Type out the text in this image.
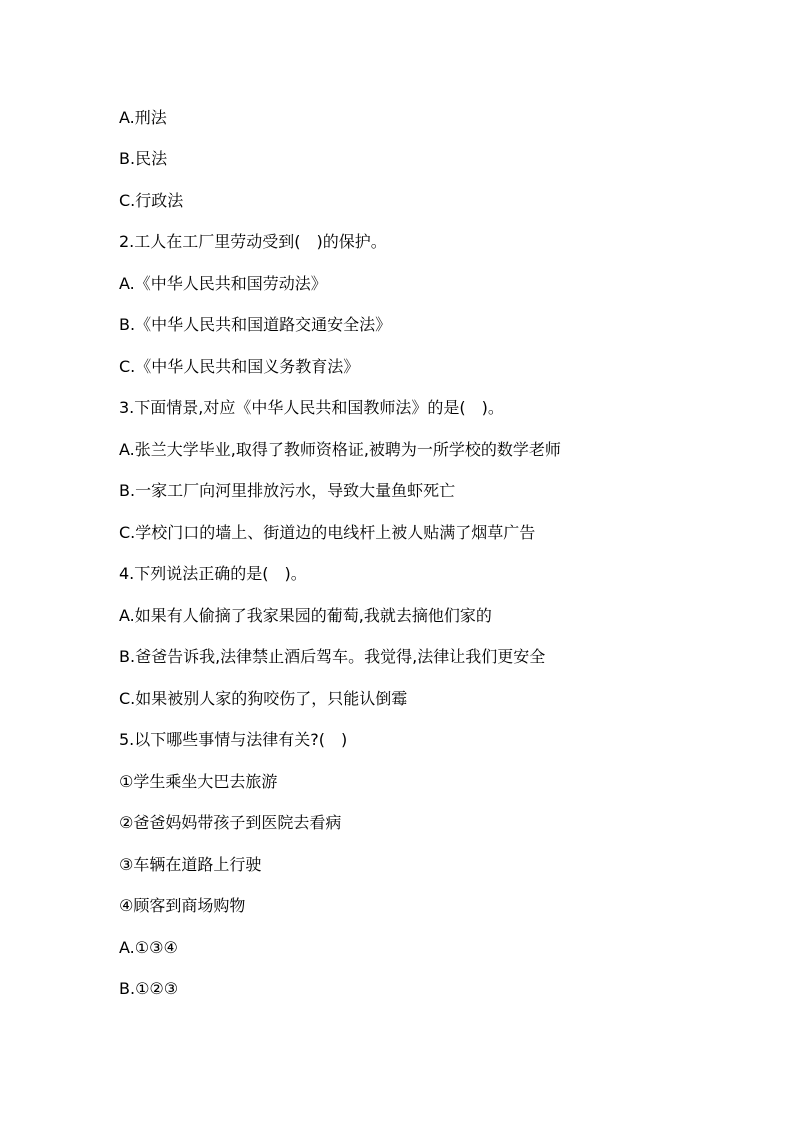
A.刑法
B.民法
C.行政法
2.工人在工厂里劳动受到(　)的保护。
A.《中华人民共和国劳动法》
B.《中华人民共和国道路交通安全法》
C.《中华人民共和国义务教育法》
3.下面情景,对应《中华人民共和国教师法》的是(　)。
A.张兰大学毕业,取得了教师资格证,被聘为一所学校的数学老师
B.一家工厂向河里排放污水，导致大量鱼虾死亡
C.学校门口的墙上、街道边的电线杆上被人贴满了烟草广告
4.下列说法正确的是(　)。
A.如果有人偷摘了我家果园的葡萄,我就去摘他们家的
B.爸爸告诉我,法律禁止酒后驾车。我觉得,法律让我们更安全
C.如果被别人家的狗咬伤了，只能认倒霉
5.以下哪些事情与法律有关?(　)
①学生乘坐大巴去旅游
②爸爸妈妈带孩子到医院去看病
③车辆在道路上行驶
④顾客到商场购物
A.①③④
B.①②③
